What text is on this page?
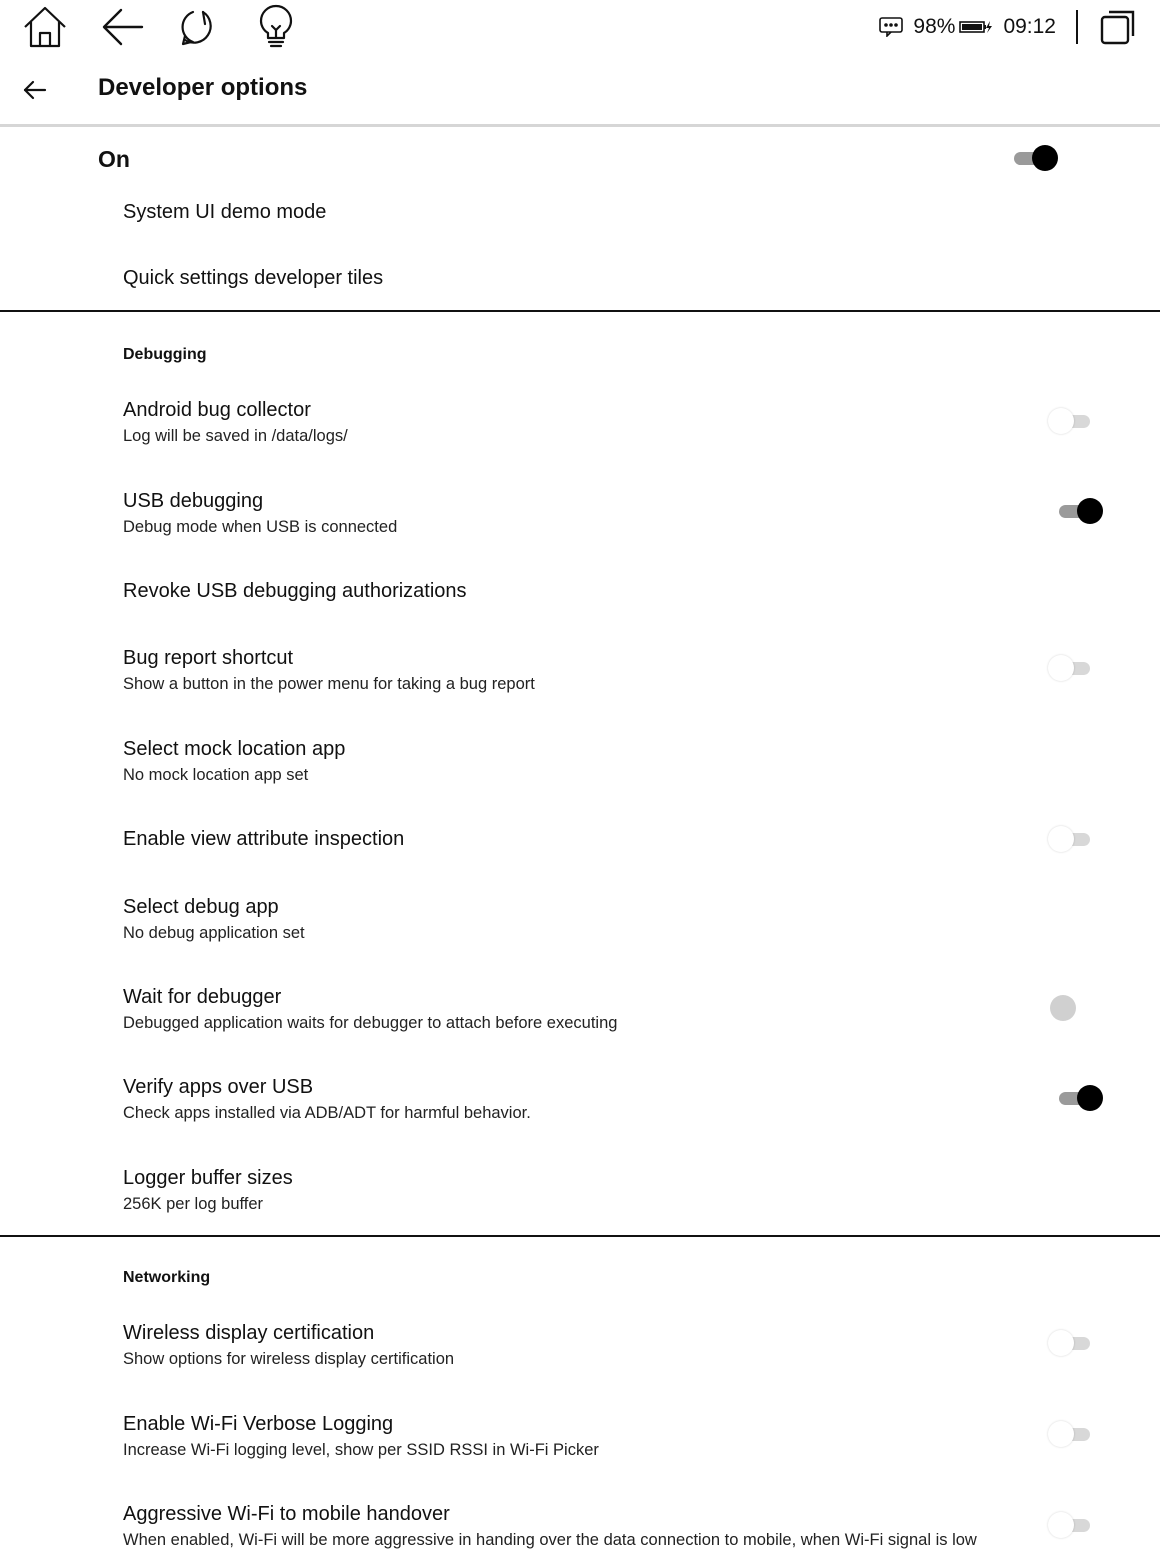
98% 09:12
Developer options
On
System UI demo mode
Quick settings developer tiles
Debugging
Android bug collector
Log will be saved in /data/logs/
USB debugging
Debug mode when USB is connected
Revoke USB debugging authorizations
Bug report shortcut
Show a button in the power menu for taking a bug report
Select mock location app
No mock location app set
Enable view attribute inspection
Select debug app
No debug application set
Wait for debugger
Debugged application waits for debugger to attach before executing
Verify apps over USB
Check apps installed via ADB/ADT for harmful behavior.
Logger buffer sizes
256K per log buffer
Networking
Wireless display certification
Show options for wireless display certification
Enable Wi-Fi Verbose Logging
Increase Wi-Fi logging level, show per SSID RSSI in Wi-Fi Picker
Aggressive Wi-Fi to mobile handover
When enabled, Wi-Fi will be more aggressive in handing over the data connection to mobile, when Wi-Fi signal is low
